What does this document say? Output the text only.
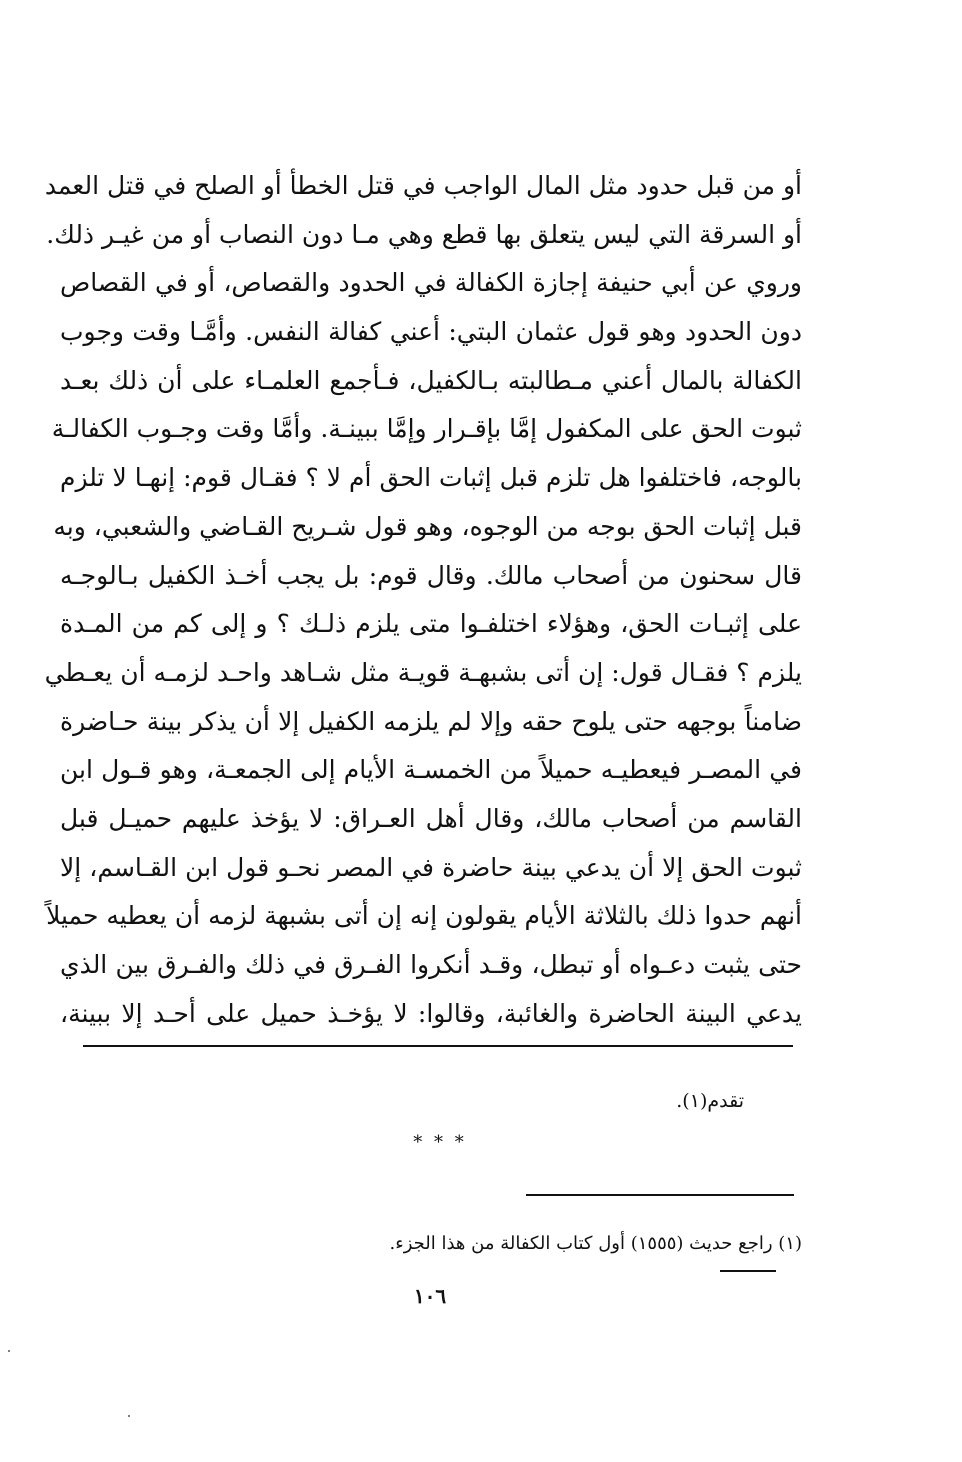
أو من قبل حدود مثل المال الواجب في قتل الخطأ أو الصلح في قتل العمد
أو السرقة التي ليس يتعلق بها قطع وهي مـا دون النصاب أو من غيـر ذلك.
وروي عن أبي حنيفة إجازة الكفالة في الحدود والقصاص، أو في القصاص
دون الحدود وهو قول عثمان البتي: أعني كفالة النفس. وأمَّـا وقت وجوب
الكفالة بالمال أعني مـطالبته بـالكفيل، فـأجمع العلمـاء على أن ذلك بعـد
ثبوت الحق على المكفول إمَّا بإقـرار وإمَّا ببينـة. وأمَّا وقت وجـوب الكفالـة
بالوجه، فاختلفوا هل تلزم قبل إثبات الحق أم لا ؟ فقـال قوم: إنهـا لا تلزم
قبل إثبات الحق بوجه من الوجوه، وهو قول شـريح القـاضي والشعبي، وبه
قال سحنون من أصحاب مالك. وقال قوم: بل يجب أخـذ الكفيل بـالوجـه
على إثبـات الحق، وهؤلاء اختلفـوا متى يلزم ذلـك ؟ و إلى كم من المـدة
يلزم ؟ فقـال قول: إن أتى بشبهـة قويـة مثل شـاهد واحـد لزمـه أن يعـطي
ضامناً بوجهه حتى يلوح حقه وإلا لم يلزمه الكفيل إلا أن يذكر بينة حـاضرة
في المصـر فيعطيـه حميلاً من الخمسـة الأيام إلى الجمعـة، وهو قـول ابن
القاسم من أصحاب مالك، وقال أهل العـراق: لا يؤخذ عليهم حميـل قبل
ثبوت الحق إلا أن يدعي بينة حاضرة في المصر نحـو قول ابن القـاسم، إلا
أنهم حدوا ذلك بالثلاثة الأيام يقولون إنه إن أتى بشبهة لزمه أن يعطيه حميلاً
حتى يثبت دعـواه أو تبطل، وقـد أنكروا الفـرق في ذلك والفـرق بين الذي
يدعي البينة الحاضرة والغائبة، وقالوا: لا يؤخـذ حميل على أحـد إلا ببينة،
تقدم(١).
* * *
(١) راجع حديث (١٥٥٥) أول كتاب الكفالة من هذا الجزء.
١٠٦
